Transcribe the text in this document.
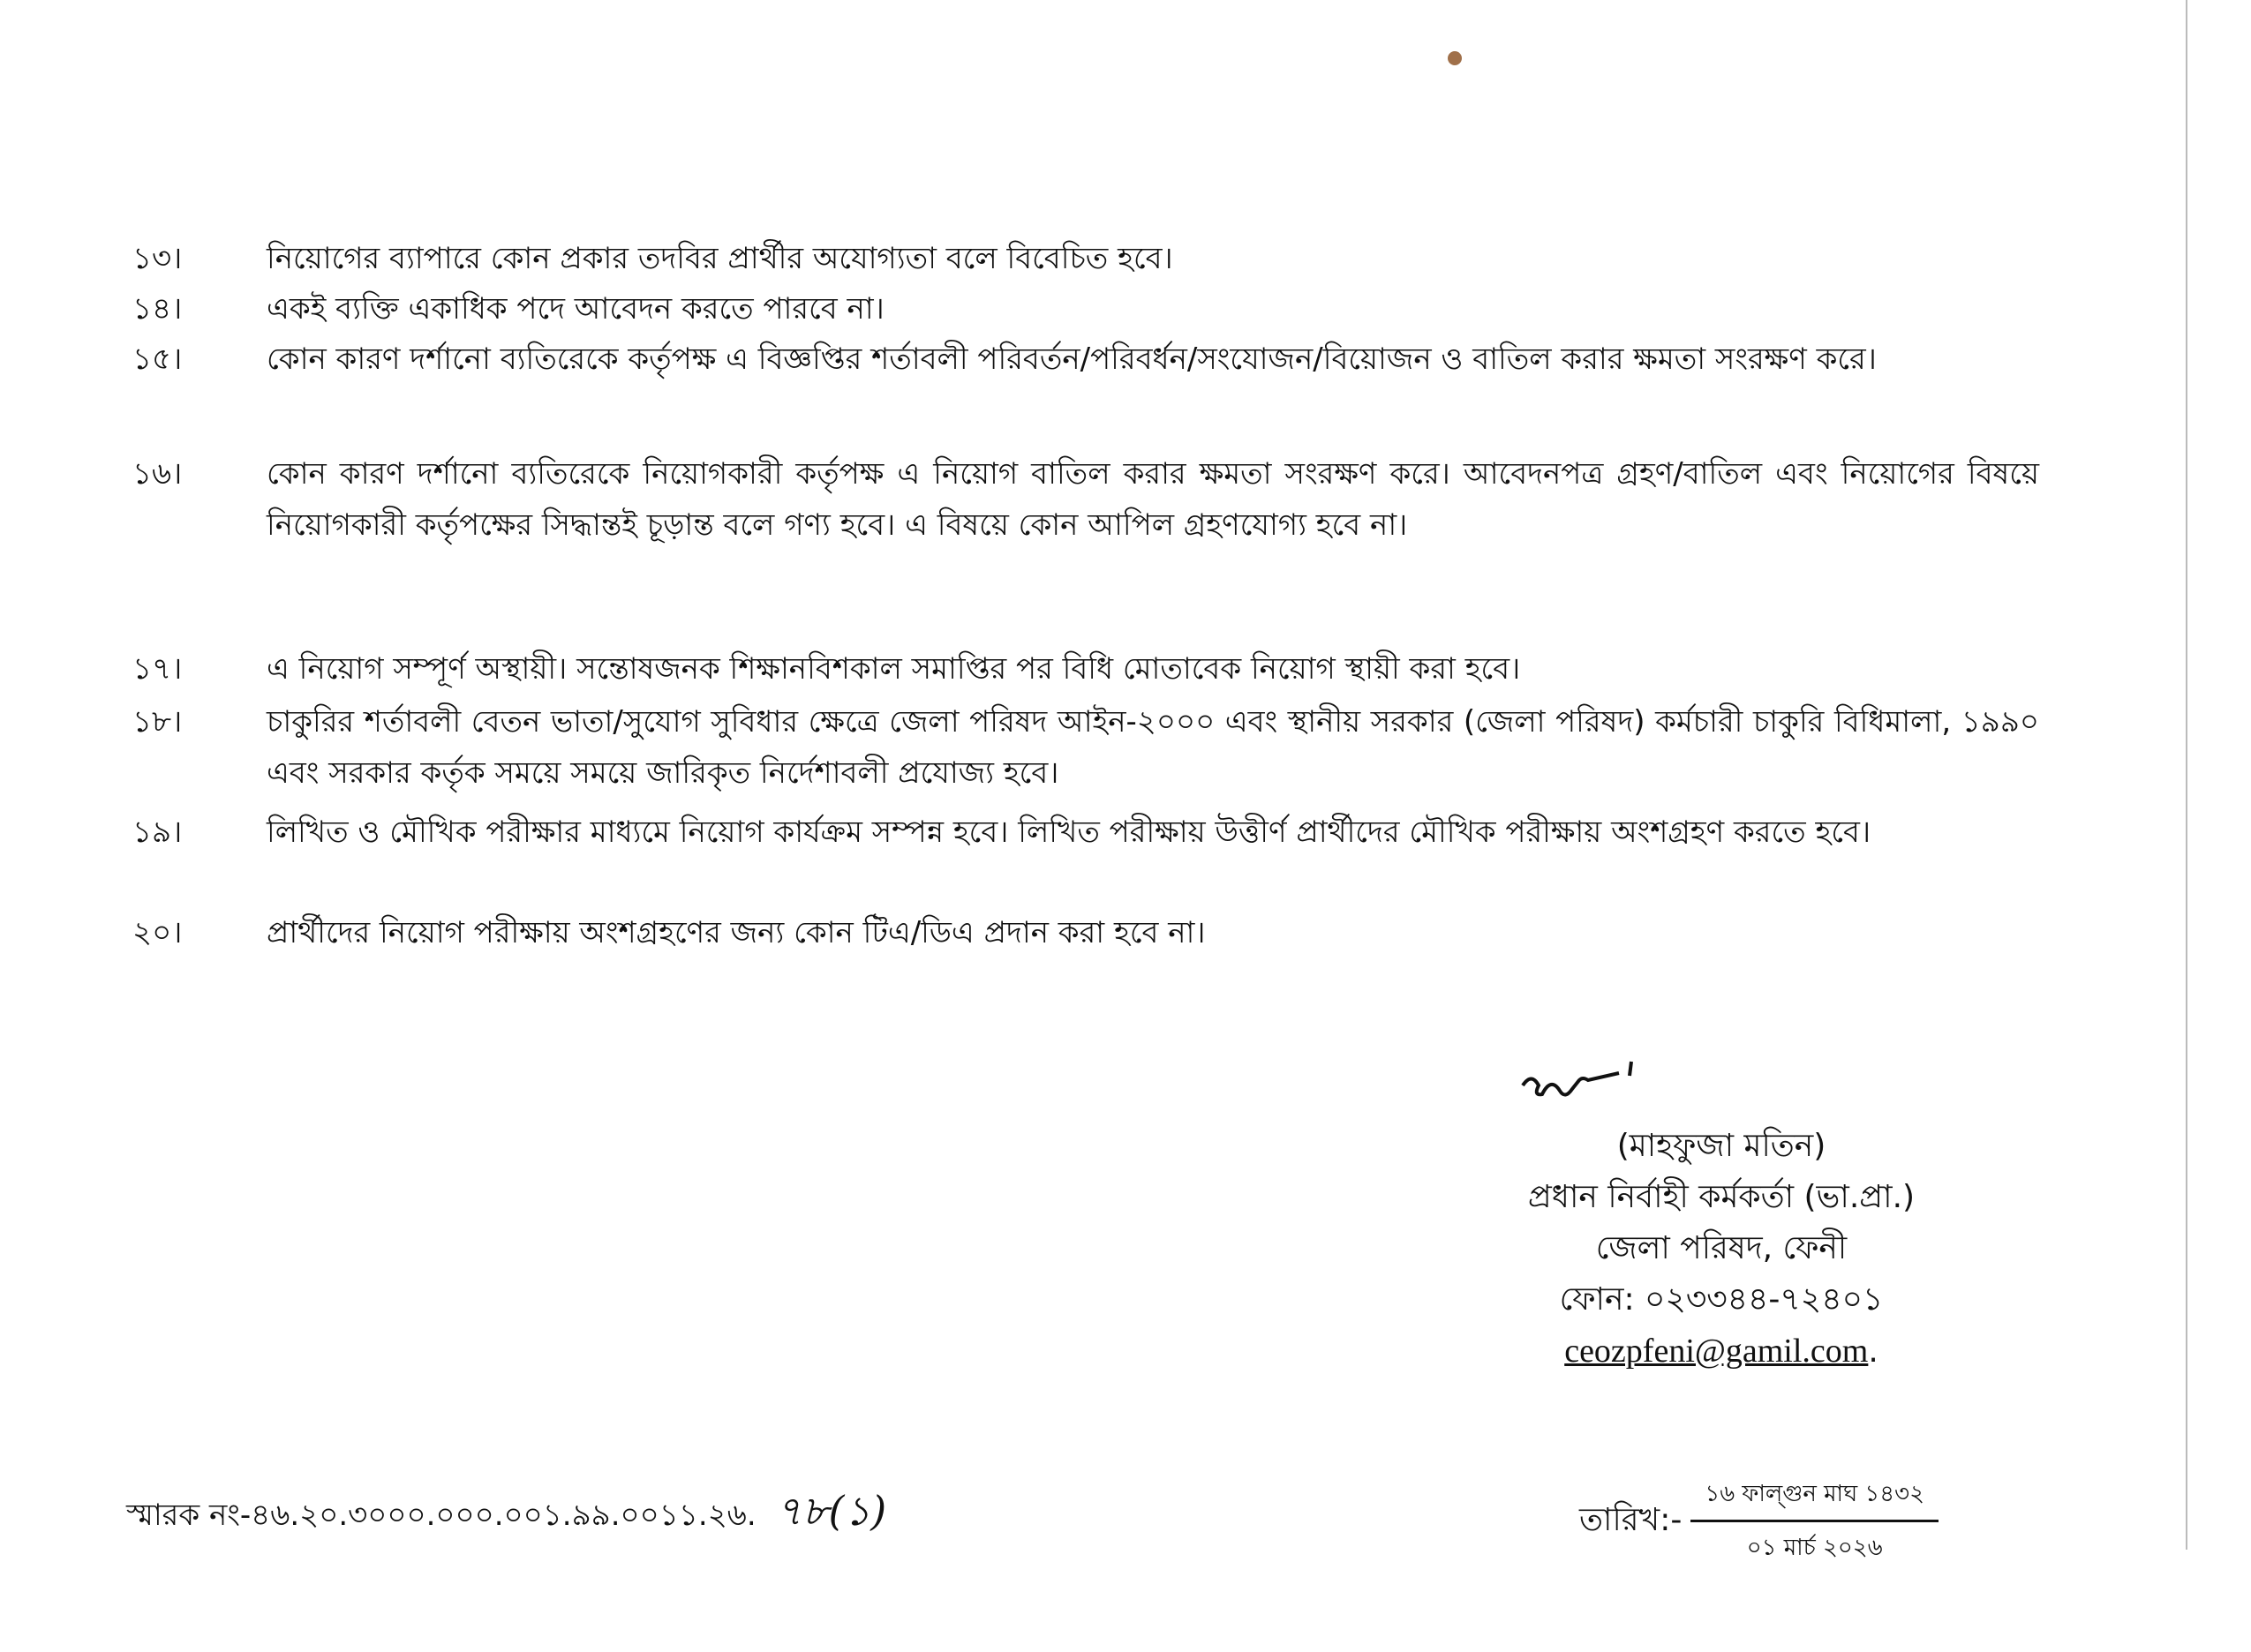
১৩।	নিয়োগের ব্যাপারে কোন প্রকার তদবির প্রার্থীর অযোগ্যতা বলে বিবেচিত হবে।
১৪।	একই ব্যক্তি একাধিক পদে আবেদন করতে পারবে না।
১৫।	কোন কারণ দর্শানো ব্যতিরেকে কর্তৃপক্ষ এ বিজ্ঞপ্তির শর্তাবলী পরিবর্তন/পরিবর্ধন/সংযোজন/বিয়োজন ও বাতিল করার ক্ষমতা সংরক্ষণ করে।
১৬।	কোন কারণ দর্শানো ব্যতিরেকে নিয়োগকারী কর্তৃপক্ষ এ নিয়োগ বাতিল করার ক্ষমতা সংরক্ষণ করে। আবেদনপত্র গ্রহণ/বাতিল এবং নিয়োগের বিষয়ে নিয়োগকারী কর্তৃপক্ষের সিদ্ধান্তই চূড়ান্ত বলে গণ্য হবে। এ বিষয়ে কোন আপিল গ্রহণযোগ্য হবে না।
১৭।	এ নিয়োগ সম্পূর্ণ অস্থায়ী। সন্তোষজনক শিক্ষানবিশকাল সমাপ্তির পর বিধি মোতাবেক নিয়োগ স্থায়ী করা হবে।
১৮।	চাকুরির শর্তাবলী বেতন ভাতা/সুযোগ সুবিধার ক্ষেত্রে জেলা পরিষদ আইন-২০০০ এবং স্থানীয় সরকার (জেলা পরিষদ) কর্মচারী চাকুরি বিধিমালা, ১৯৯০ এবং সরকার কর্তৃক সময়ে সময়ে জারিকৃত নির্দেশাবলী প্রযোজ্য হবে।
১৯।	লিখিত ও মৌখিক পরীক্ষার মাধ্যমে নিয়োগ কার্যক্রম সম্পন্ন হবে। লিখিত পরীক্ষায় উত্তীর্ণ প্রার্থীদের মৌখিক পরীক্ষায় অংশগ্রহণ করতে হবে।
২০।	প্রার্থীদের নিয়োগ পরীক্ষায় অংশগ্রহণের জন্য কোন টিএ/ডিএ প্রদান করা হবে না।
(মাহফুজা মতিন)
প্রধান নির্বাহী কর্মকর্তা (ভা.প্রা.)
জেলা পরিষদ, ফেনী
ফোন: ০২৩৩৪৪-৭২৪০১
ceozpfeni@gamil.com.
স্মারক নং-৪৬.২০.৩০০০.০০০.০০১.৯৯.০০১১.২৬. ৭৮(১)	তারিখ:- $\frac{\text{১৬ ফাল্গুন মাঘ ১৪৩২}}{\text{০১ মার্চ ২০২৬}}$
